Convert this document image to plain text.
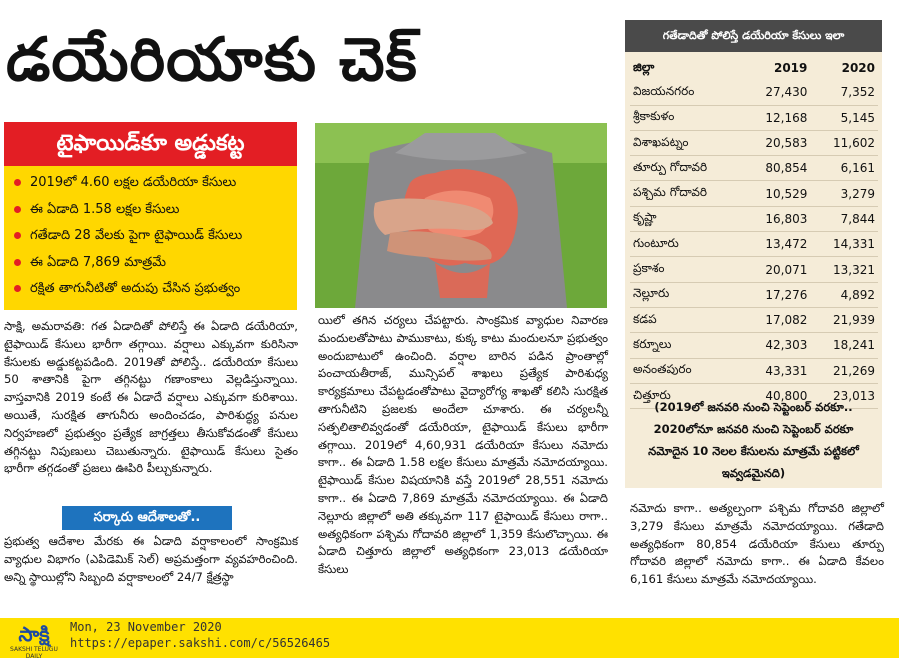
డయేరియాకు చెక్
టైఫాయిడ్‌కూ అడ్డుకట్ట
2019లో 4.60 లక్షల డయేరియా కేసులు
ఈ ఏడాది 1.58 లక్షల కేసులు
గతేడాది 28 వేలకు పైగా టైఫాయిడ్ కేసులు
ఈ ఏడాది 7,869 మాత్రమే
రక్షిత తాగునీటితో అదుపు చేసిన ప్రభుత్వం
సాక్షి, అమరావతి: గత ఏడాదితో పోలిస్తే ఈ ఏడాది డయేరియా, టైఫాయిడ్ కేసులు భారీగా తగ్గాయి. వర్షాలు ఎక్కువగా కురిసినా కేసులకు అడ్డుకట్టపడింది. 2019తో పోలిస్తే.. డయేరియా కేసులు 50 శాతానికి పైగా తగ్గినట్టు గణాంకాలు వెల్లడిస్తున్నాయి. వాస్తవానికి 2019 కంటే ఈ ఏడాదే వర్షాలు ఎక్కువగా కురిశాయి. అయితే, సురక్షిత తాగునీరు అందించడం, పారిశుద్ధ్య పనుల నిర్వహణలో ప్రభుత్వం ప్రత్యేక జాగ్రత్తలు తీసుకోవడంతో కేసులు తగ్గినట్టు నిపుణులు చెబుతున్నారు. టైఫాయిడ్ కేసులు సైతం భారీగా తగ్గడంతో ప్రజలు ఊపిరి పీల్చుకున్నారు.
సర్కారు ఆదేశాలతో..
ప్రభుత్వ ఆదేశాల మేరకు ఈ ఏడాది వర్షాకాలంలో సాంక్రమిక వ్యాధుల విభాగం (ఎపిడెమిక్ సెల్) అప్రమత్తంగా వ్యవహరించింది. అన్ని స్థాయిల్లోని సిబ్బంది వర్షాకాలంలో 24/7 క్షేత్రస్థా
యిలో తగిన చర్యలు చేపట్టారు. సాంక్రమిక వ్యాధుల నివారణ మందులతోపాటు పాముకాటు, కుక్క కాటు మందులనూ ప్రభుత్వం అందుబాటులో ఉంచింది. వర్షాల బారిన పడిన ప్రాంతాల్లో పంచాయతీరాజ్, మున్సిపల్ శాఖలు ప్రత్యేక పారిశుధ్య కార్యక్రమాలు చేపట్టడంతోపాటు వైద్యారోగ్య శాఖతో కలిసి సురక్షిత తాగునీటిని ప్రజలకు అందేలా చూశారు. ఈ చర్యలన్నీ సత్ఫలితాలివ్వడంతో డయేరియా, టైఫాయిడ్ కేసులు భారీగా తగ్గాయి. 2019లో 4,60,931 డయేరియా కేసులు నమోదు కాగా.. ఈ ఏడాది 1.58 లక్షల కేసులు మాత్రమే నమోదయ్యాయి. టైఫాయిడ్ కేసుల విషయానికి వస్తే 2019లో 28,551 నమోదు కాగా.. ఈ ఏడాది 7,869 మాత్రమే నమోదయ్యాయి. ఈ ఏడాది నెల్లూరు జిల్లాలో అతి తక్కువగా 117 టైఫాయిడ్ కేసులు రాగా.. అత్యధికంగా పశ్చిమ గోదావరి జిల్లాలో 1,359 కేసులొచ్చాయి. ఈ ఏడాది చిత్తూరు జిల్లాలో అత్యధికంగా 23,013 డయేరియా కేసులు
గతేడాదితో పోలిస్తే డయేరియా కేసులు ఇలా
జిల్లా	2019	2020
విజయనగరం	27,430	7,352
శ్రీకాకుళం	12,168	5,145
విశాఖపట్నం	20,583	11,602
తూర్పు గోదావరి	80,854	6,161
పశ్చిమ గోదావరి	10,529	3,279
కృష్ణా	16,803	7,844
గుంటూరు	13,472	14,331
ప్రకాశం	20,071	13,321
నెల్లూరు	17,276	4,892
కడప	17,082	21,939
కర్నూలు	42,303	18,241
అనంతపురం	43,331	21,269
చిత్తూరు	40,800	23,013
(2019లో జనవరి నుంచి సెప్టెంబర్ వరకూ.. 2020లోనూ జనవరి నుంచి సెప్టెంబర్ వరకూ నమోదైన 10 నెలల కేసులను మాత్రమే పట్టికలో ఇవ్వడమైనది)
నమోదు కాగా.. అత్యల్పంగా పశ్చిమ గోదావరి జిల్లాలో 3,279 కేసులు మాత్రమే నమోదయ్యాయి. గతేడాది అత్యధికంగా 80,854 డయేరియా కేసులు తూర్పు గోదావరి జిల్లాలో నమోదు కాగా.. ఈ ఏడాది కేవలం 6,161 కేసులు మాత్రమే నమోదయ్యాయి.
సాక్షి
SAKSHI TELUGU DAILY
Mon, 23 November 2020
https://epaper.sakshi.com/c/56526465
